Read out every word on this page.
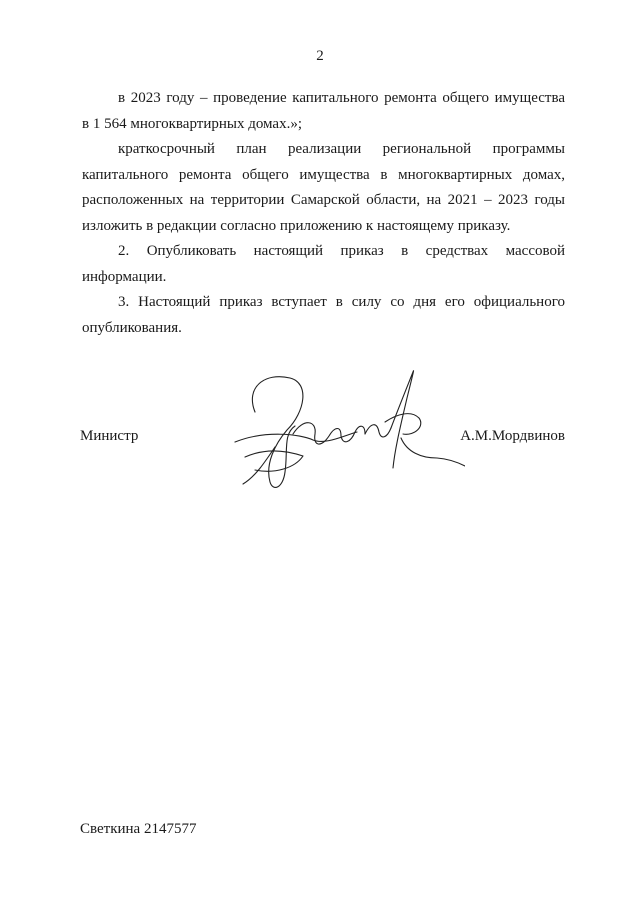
2
в 2023 году – проведение капитального ремонта общего имущества
в 1 564 многоквартирных домах.»;
краткосрочный план реализации региональной программы
капитального ремонта общего имущества в многоквартирных домах,
расположенных на территории Самарской области, на 2021 – 2023 годы
изложить в редакции согласно приложению к настоящему приказу.
2. Опубликовать настоящий приказ в средствах массовой
информации.
3. Настоящий приказ вступает в силу со дня его официального
опубликования.
Министр	А.М.Мордвинов
Светкина 2147577
